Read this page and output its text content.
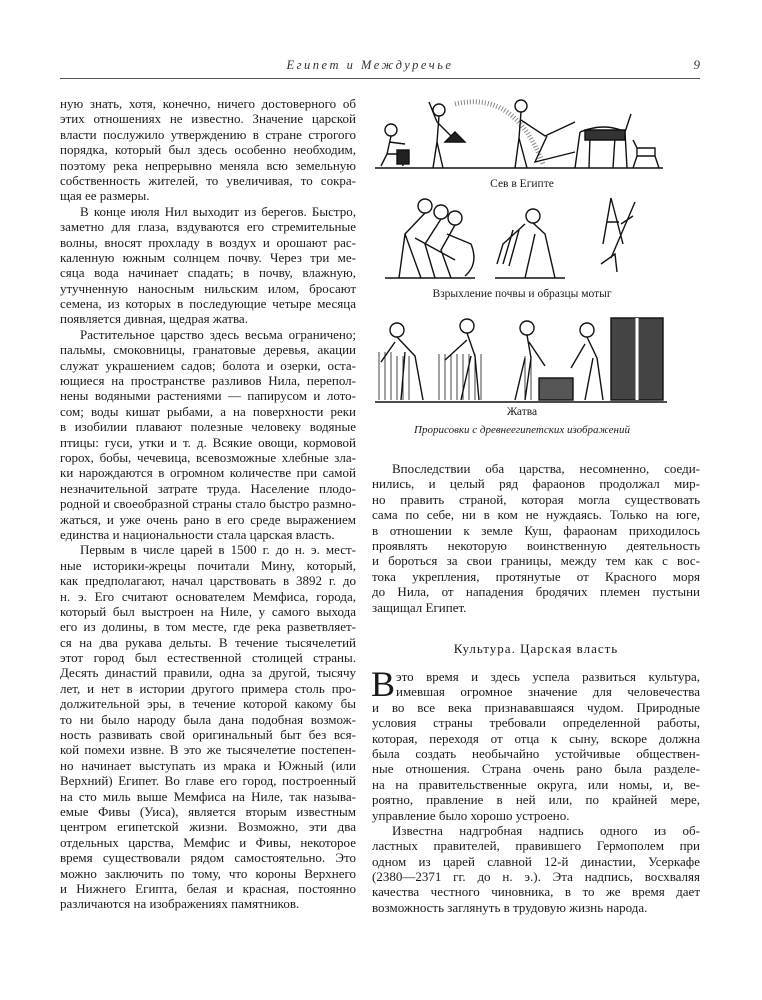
Египет и Междуречье	9
ную знать, хотя, конечно, ничего достоверного об
этих отношениях не известно. Значение царской
власти послужило утверждению в стране строгого
порядка, который был здесь особенно необходим,
поэтому река непрерывно меняла всю земельную
собственность жителей, то увеличивая, то сокра-
щая ее размеры.
В конце июля Нил выходит из берегов. Быстро,
заметно для глаза, вздуваются его стремительные
волны, вносят прохладу в воздух и орошают рас-
каленную южным солнцем почву. Через три ме-
сяца вода начинает спадать; в почву, влажную,
утучненную наносным нильским илом, бросают
семена, из которых в последующие четыре месяца
появляется дивная, щедрая жатва.
Растительное царство здесь весьма ограничено;
пальмы, смоковницы, гранатовые деревья, акации
служат украшением садов; болота и озерки, оста-
ющиеся на пространстве разливов Нила, перепол-
нены водяными растениями — папирусом и лото-
сом; воды кишат рыбами, а на поверхности реки
в изобилии плавают полезные человеку водяные
птицы: гуси, утки и т. д. Всякие овощи, кормовой
горох, бобы, чечевица, всевозможные хлебные зла-
ки нарождаются в огромном количестве при самой
незначительной затрате труда. Население плодо-
родной и своеобразной страны стало быстро размно-
жаться, и уже очень рано в его среде выражением
единства и национальности стала царская власть.
Первым в числе царей в 1500 г. до н. э. мест-
ные историки-жрецы почитали Мину, который,
как предполагают, начал царствовать в 3892 г. до
н. э. Его считают основателем Мемфиса, города,
который был выстроен на Ниле, у самого выхода
его из долины, в том месте, где река разветвляет-
ся на два рукава дельты. В течение тысячелетий
этот город был естественной столицей страны.
Десять династий правили, одна за другой, тысячу
лет, и нет в истории другого примера столь про-
должительной эры, в течение которой какому бы
то ни было народу была дана подобная возмож-
ность развивать свой оригинальный быт без вся-
кой помехи извне. В это же тысячелетие постепен-
но начинает выступать из мрака и Южный (или
Верхний) Египет. Во главе его город, построенный
на сто миль выше Мемфиса на Ниле, так называ-
емые Фивы (Уиса), является вторым известным
центром египетской жизни. Возможно, эти два
отдельных царства, Мемфис и Фивы, некоторое
время существовали рядом самостоятельно. Это
можно заключить по тому, что короны Верхнего
и Нижнего Египта, белая и красная, постоянно
различаются на изображениях памятников.
Сев в Египте
Взрыхление почвы и образцы мотыг
Жатва
Прорисовки с древнеегипетских изображений
Впоследствии оба царства, несомненно, соеди-
нились, и целый ряд фараонов продолжал мир-
но править страной, которая могла существовать
сама по себе, ни в ком не нуждаясь. Только на юге,
в отношении к земле Куш, фараонам приходилось
проявлять некоторую воинственную деятельность
и бороться за свои границы, между тем как с вос-
тока укрепления, протянутые от Красного моря
до Нила, от нападения бродячих племен пустыни
защищал Египет.
Культура. Царская власть
В это время и здесь успела развиться культура,
имевшая огромное значение для человечества
и во все века признававшаяся чудом. Природные
условия страны требовали определенной работы,
которая, переходя от отца к сыну, вскоре должна
была создать необычайно устойчивые обществен-
ные отношения. Страна очень рано была разделе-
на на правительственные округа, или номы, и, ве-
роятно, правление в ней или, по крайней мере,
управление было хорошо устроено.
Известна надгробная надпись одного из об-
ластных правителей, правившего Гермополем при
одном из царей славной 12-й династии, Усеркафе
(2380—2371 гг. до н. э.). Эта надпись, восхваляя
качества честного чиновника, в то же время дает
возможность заглянуть в трудовую жизнь народа.
